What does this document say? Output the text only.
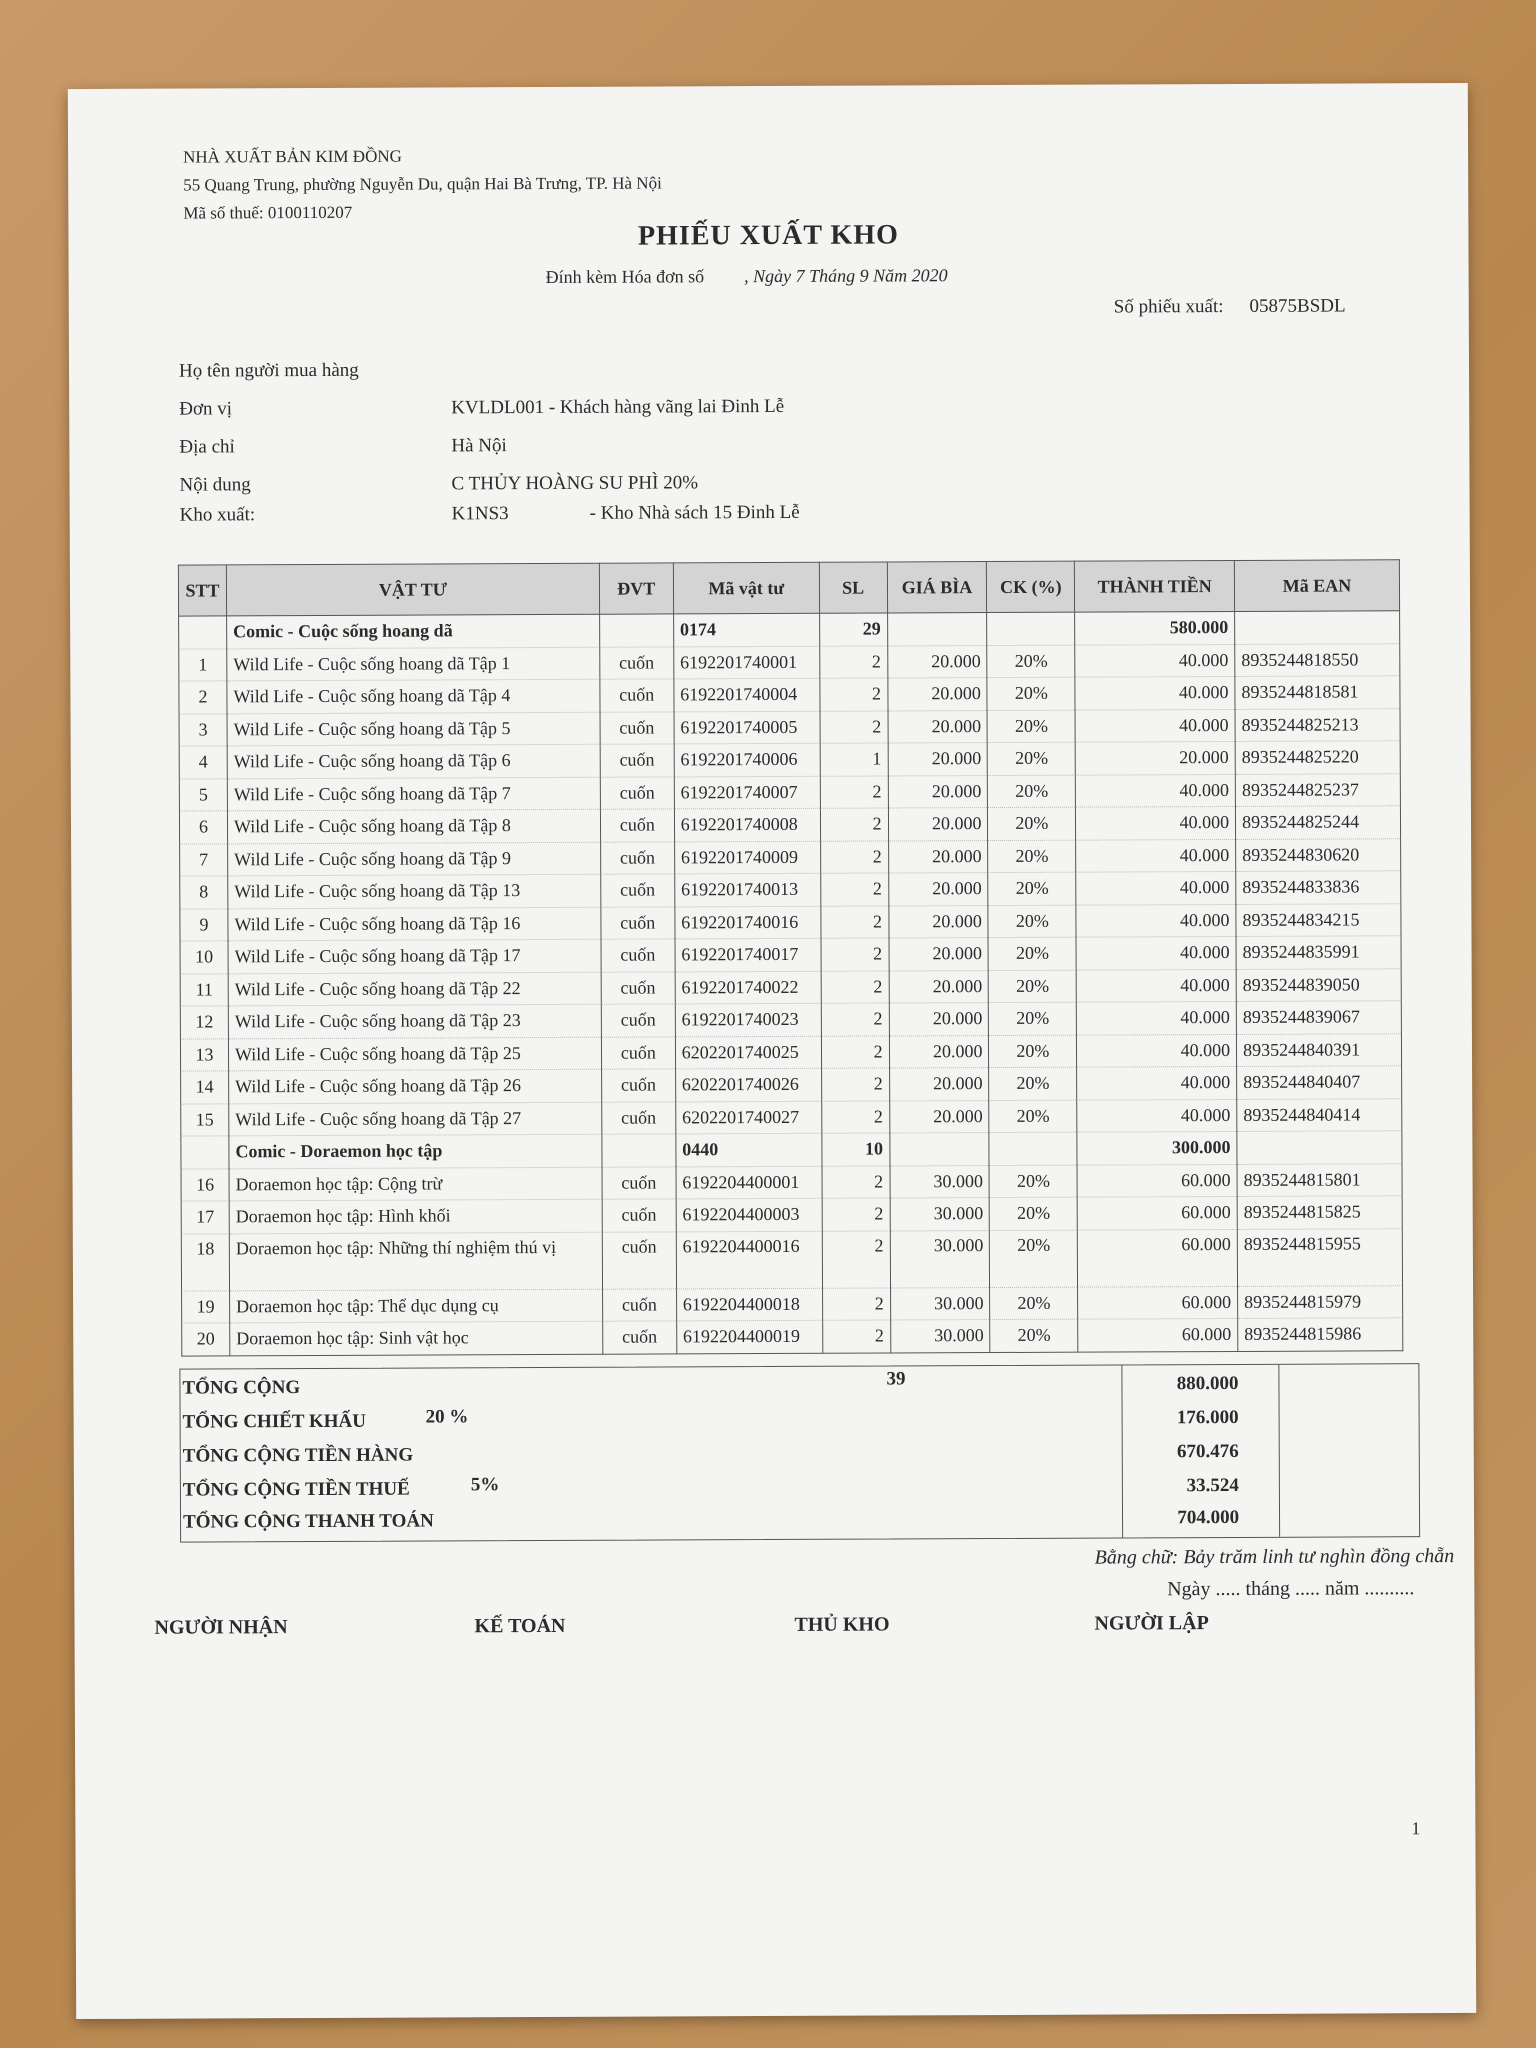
NHÀ XUẤT BẢN KIM ĐỒNG
55 Quang Trung, phường Nguyễn Du, quận Hai Bà Trưng, TP. Hà Nội
Mã số thuế: 0100110207
PHIẾU XUẤT KHO
Đính kèm Hóa đơn số , Ngày 7 Tháng 9 Năm 2020
Số phiếu xuất: 05875BSDL
Họ tên người mua hàng
Đơn vị	KVLDL001 - Khách hàng vãng lai Đinh Lễ
Địa chỉ	Hà Nội
Nội dung	C THỦY HOÀNG SU PHÌ 20%
Kho xuất:	K1NS3	- Kho Nhà sách 15 Đinh Lễ
STT	VẬT TƯ	ĐVT	Mã vật tư	SL	GIÁ BÌA	CK (%)	THÀNH TIỀN	Mã EAN
	Comic - Cuộc sống hoang dã		0174	29			580.000	
1	Wild Life - Cuộc sống hoang dã Tập 1	cuốn	6192201740001	2	20.000	20%	40.000	8935244818550
2	Wild Life - Cuộc sống hoang dã Tập 4	cuốn	6192201740004	2	20.000	20%	40.000	8935244818581
3	Wild Life - Cuộc sống hoang dã Tập 5	cuốn	6192201740005	2	20.000	20%	40.000	8935244825213
4	Wild Life - Cuộc sống hoang dã Tập 6	cuốn	6192201740006	1	20.000	20%	20.000	8935244825220
5	Wild Life - Cuộc sống hoang dã Tập 7	cuốn	6192201740007	2	20.000	20%	40.000	8935244825237
6	Wild Life - Cuộc sống hoang dã Tập 8	cuốn	6192201740008	2	20.000	20%	40.000	8935244825244
7	Wild Life - Cuộc sống hoang dã Tập 9	cuốn	6192201740009	2	20.000	20%	40.000	8935244830620
8	Wild Life - Cuộc sống hoang dã Tập 13	cuốn	6192201740013	2	20.000	20%	40.000	8935244833836
9	Wild Life - Cuộc sống hoang dã Tập 16	cuốn	6192201740016	2	20.000	20%	40.000	8935244834215
10	Wild Life - Cuộc sống hoang dã Tập 17	cuốn	6192201740017	2	20.000	20%	40.000	8935244835991
11	Wild Life - Cuộc sống hoang dã Tập 22	cuốn	6192201740022	2	20.000	20%	40.000	8935244839050
12	Wild Life - Cuộc sống hoang dã Tập 23	cuốn	6192201740023	2	20.000	20%	40.000	8935244839067
13	Wild Life - Cuộc sống hoang dã Tập 25	cuốn	6202201740025	2	20.000	20%	40.000	8935244840391
14	Wild Life - Cuộc sống hoang dã Tập 26	cuốn	6202201740026	2	20.000	20%	40.000	8935244840407
15	Wild Life - Cuộc sống hoang dã Tập 27	cuốn	6202201740027	2	20.000	20%	40.000	8935244840414
	Comic - Doraemon học tập		0440	10			300.000	
16	Doraemon học tập: Cộng trừ	cuốn	6192204400001	2	30.000	20%	60.000	8935244815801
17	Doraemon học tập: Hình khối	cuốn	6192204400003	2	30.000	20%	60.000	8935244815825
18	Doraemon học tập: Những thí nghiệm thú vị	cuốn	6192204400016	2	30.000	20%	60.000	8935244815955
19	Doraemon học tập: Thể dục dụng cụ	cuốn	6192204400018	2	30.000	20%	60.000	8935244815979
20	Doraemon học tập: Sinh vật học	cuốn	6192204400019	2	30.000	20%	60.000	8935244815986
TỔNG CỘNG	39	880.000
TỔNG CHIẾT KHẤU	20 %	176.000
TỔNG CỘNG TIỀN HÀNG	670.476
TỔNG CỘNG TIỀN THUẾ	5%	33.524
TỔNG CỘNG THANH TOÁN	704.000
Bằng chữ: Bảy trăm linh tư nghìn đồng chẵn
Ngày ..... tháng ..... năm ..........
NGƯỜI NHẬN	KẾ TOÁN	THỦ KHO	NGƯỜI LẬP
1
